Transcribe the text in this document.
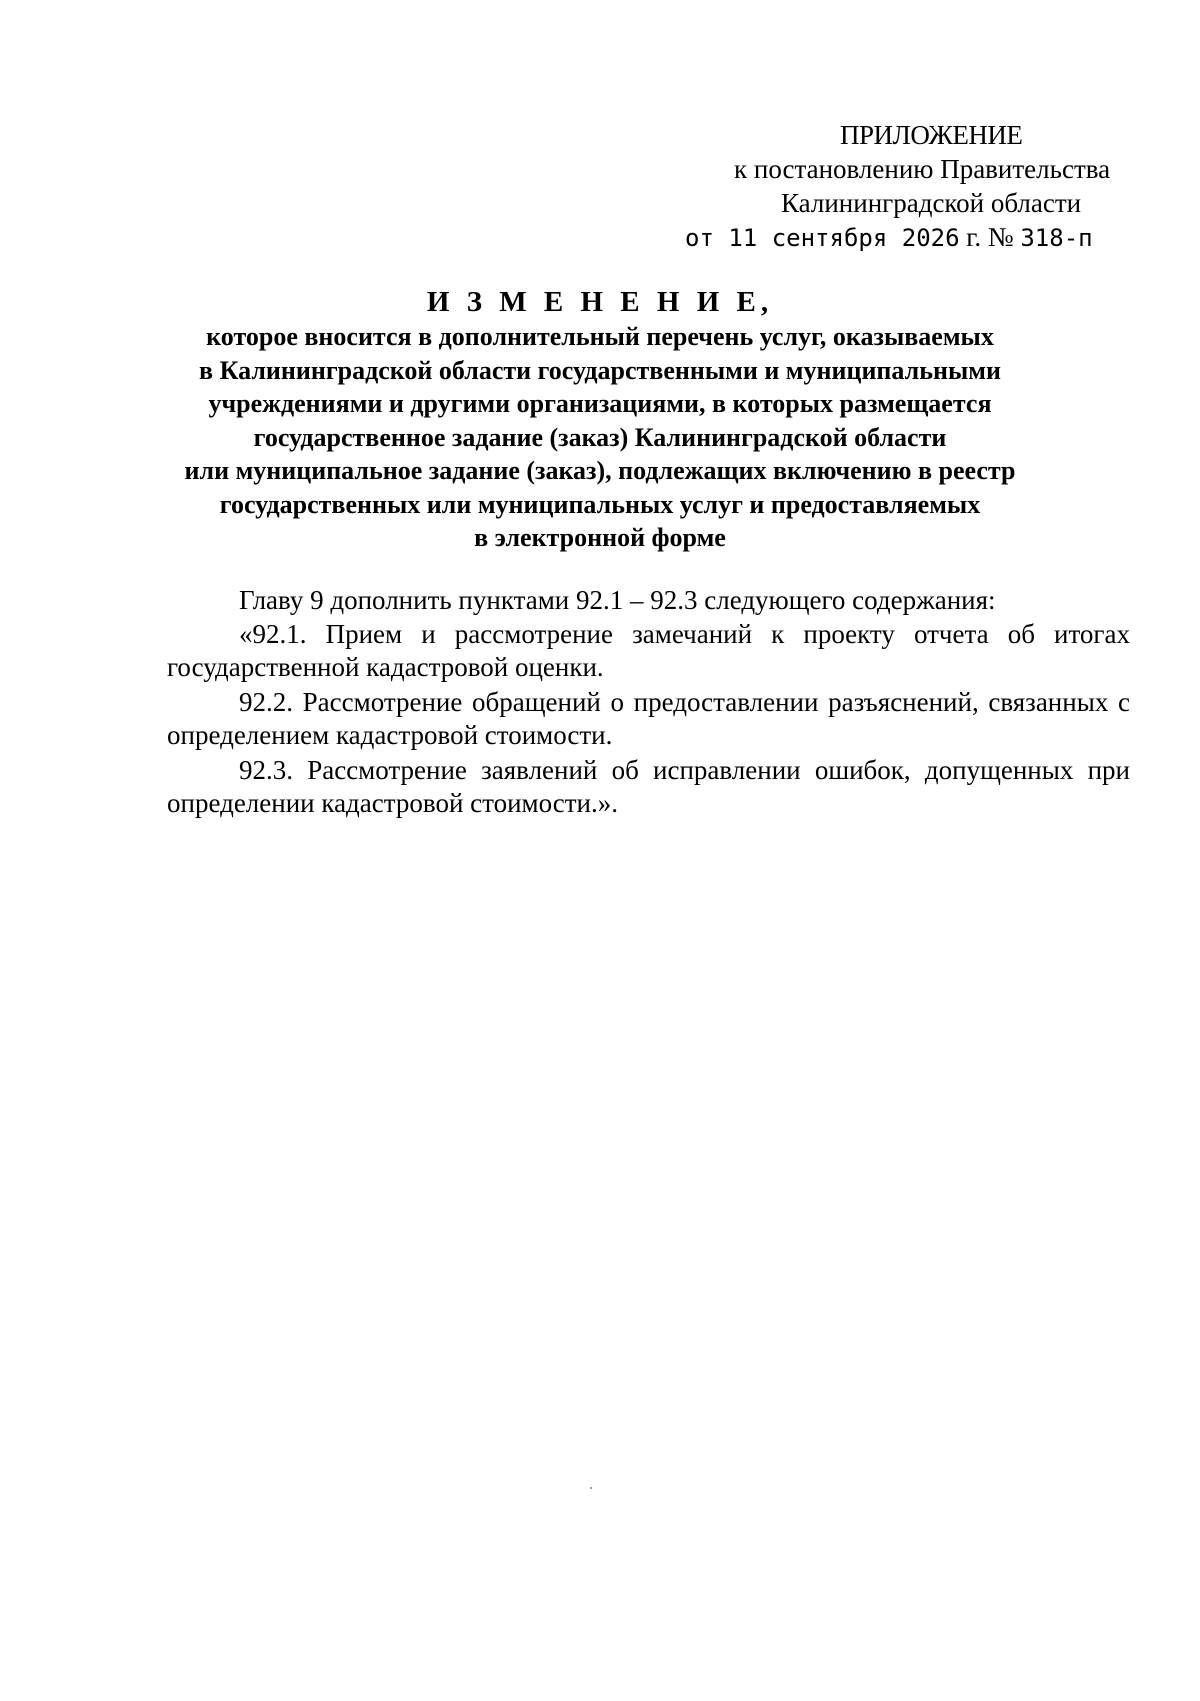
ПРИЛОЖЕНИЕ
к постановлению Правительства
Калининградской области
от 11 сентября 2026 г. № 318-п
И З М Е Н Е Н И Е,
которое вносится в дополнительный перечень услуг, оказываемых
в Калининградской области государственными и муниципальными
учреждениями и другими организациями, в которых размещается
государственное задание (заказ) Калининградской области
или муниципальное задание (заказ), подлежащих включению в реестр
государственных или муниципальных услуг и предоставляемых
в электронной форме

Главу 9 дополнить пунктами 92.1 – 92.3 следующего содержания:

«92.1. Прием и рассмотрение замечаний к проекту отчета об итогах государственной кадастровой оценки.

92.2. Рассмотрение обращений о предоставлении разъяснений, связанных с определением кадастровой стоимости.

92.3. Рассмотрение заявлений об исправлении ошибок, допущенных при определении кадастровой стоимости.».
